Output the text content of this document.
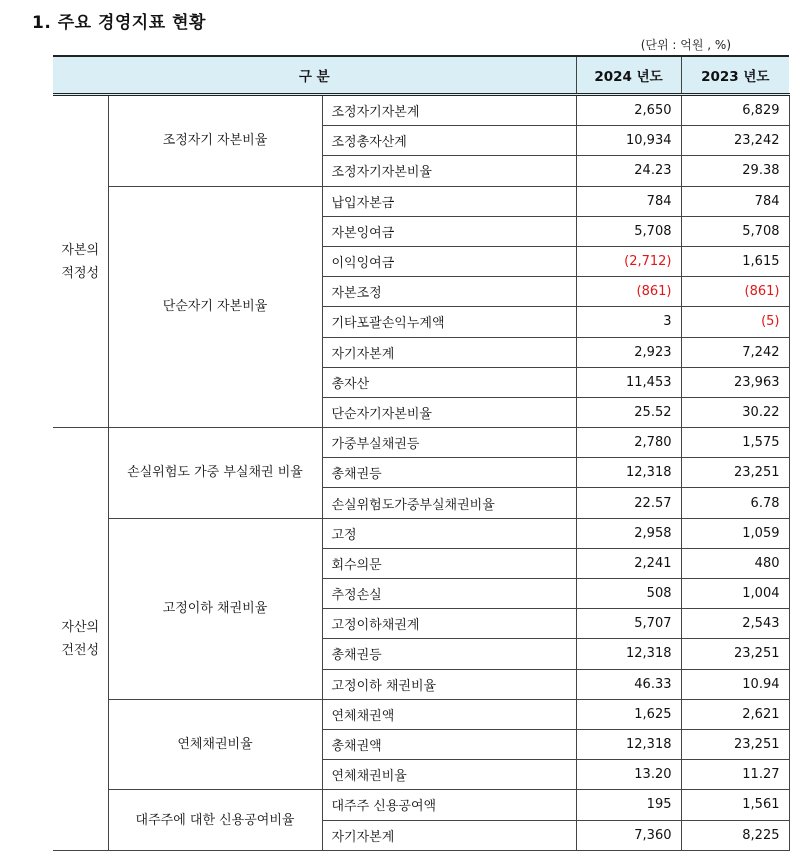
1. 주요 경영지표 현황
(단위 : 억원 , %)
구 분			2024 년도	2023 년도
자본의
적정성	조정자기 자본비율	조정자기자본계	2,650	6,829
		조정총자산계	10,934	23,242
		조정자기자본비율	24.23	29.38
	단순자기 자본비율	납입자본금	784	784
		자본잉여금	5,708	5,708
		이익잉여금	(2,712)	1,615
		자본조정	(861)	(861)
		기타포괄손익누계액	3	(5)
		자기자본계	2,923	7,242
		총자산	11,453	23,963
		단순자기자본비율	25.52	30.22
자산의
건전성	손실위험도 가중 부실채권 비율	가중부실채권등	2,780	1,575
		총채권등	12,318	23,251
		손실위험도가중부실채권비율	22.57	6.78
	고정이하 채권비율	고정	2,958	1,059
		회수의문	2,241	480
		추정손실	508	1,004
		고정이하채권계	5,707	2,543
		총채권등	12,318	23,251
		고정이하 채권비율	46.33	10.94
	연체채권비율	연체채권액	1,625	2,621
		총채권액	12,318	23,251
		연체채권비율	13.20	11.27
	대주주에 대한 신용공여비율	대주주 신용공여액	195	1,561
		자기자본계	7,360	8,225
